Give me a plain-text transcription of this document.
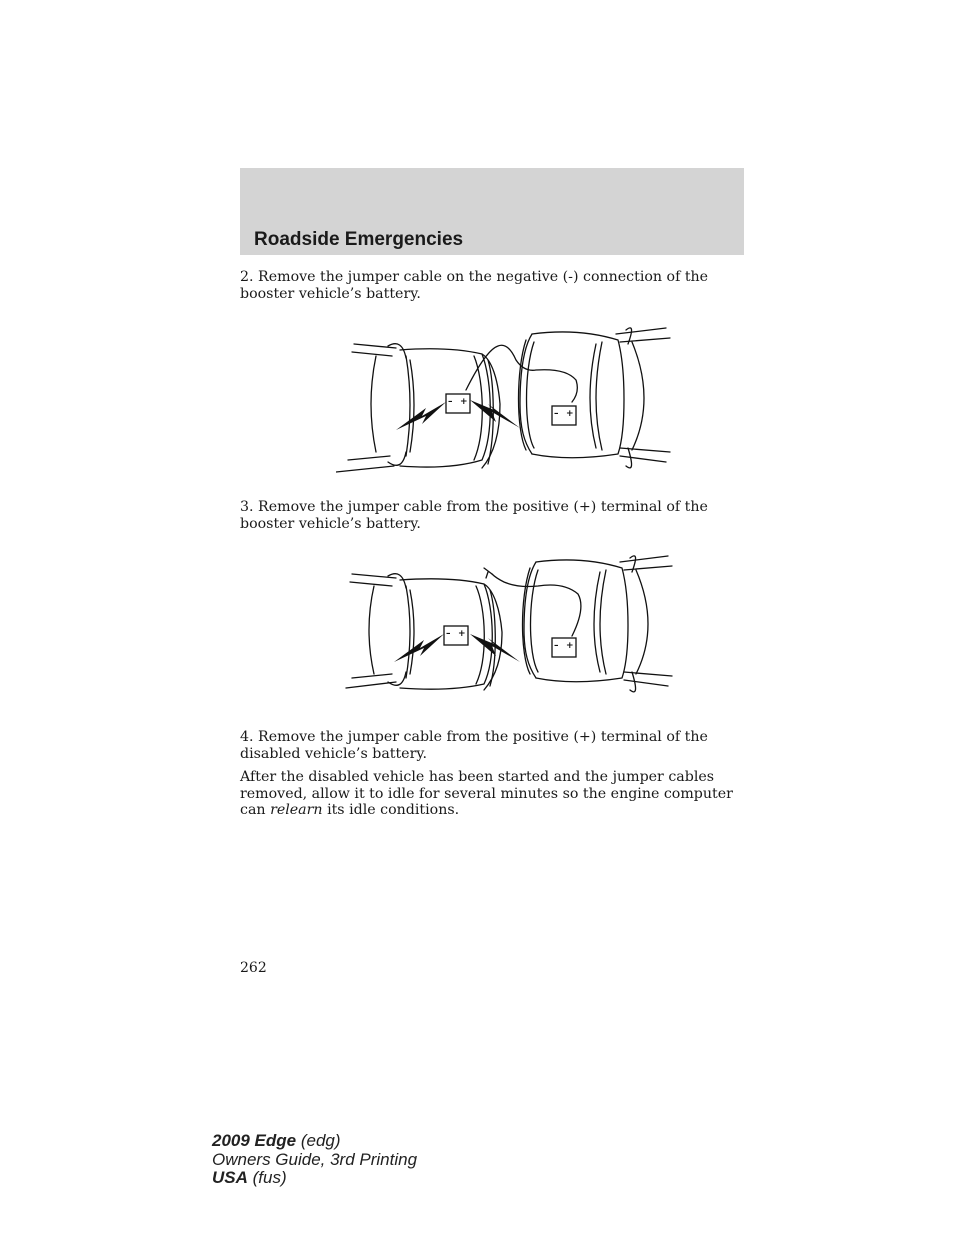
Roadside Emergencies
2. Remove the jumper cable on the negative (-) connection of the booster vehicle’s battery.
– +
– +
3. Remove the jumper cable from the positive (+) terminal of the booster vehicle’s battery.
– +
– +
4. Remove the jumper cable from the positive (+) terminal of the disabled vehicle’s battery.
After the disabled vehicle has been started and the jumper cables removed, allow it to idle for several minutes so the engine computer can relearn its idle conditions.
262
2009 Edge (edg)
Owners Guide, 3rd Printing
USA (fus)
